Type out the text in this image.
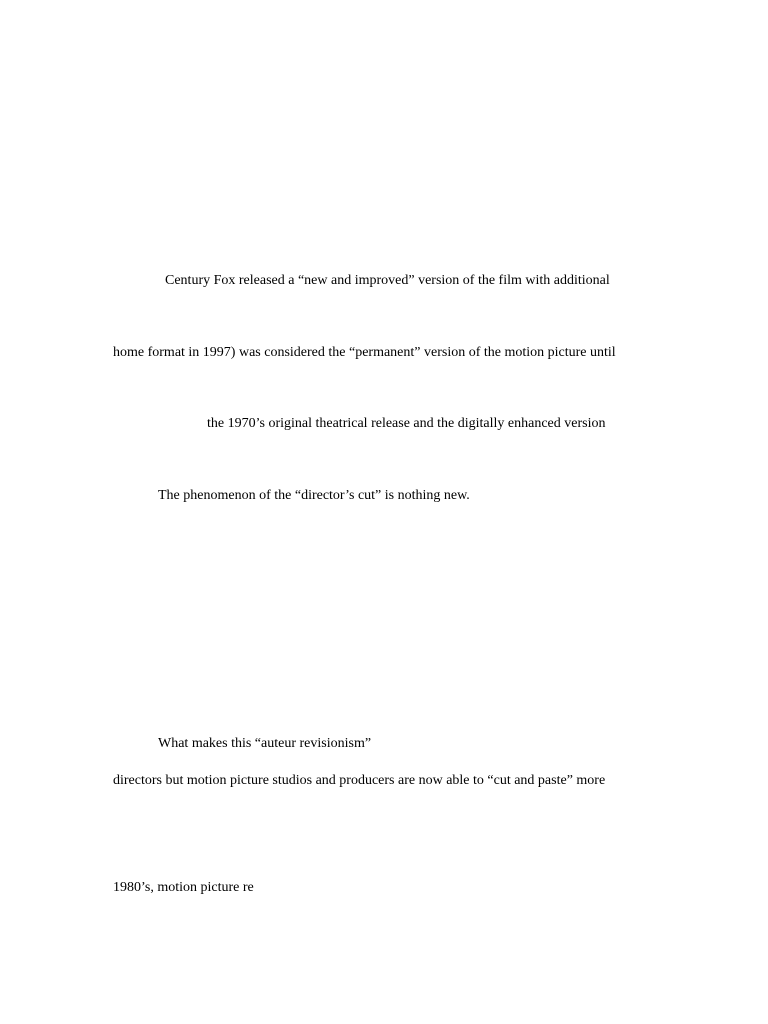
Century Fox released a “new and improved” version of the film with additional
home format in 1997) was considered the “permanent” version of the motion picture until
the 1970’s original theatrical release and the digitally enhanced version
The phenomenon of the “director’s cut” is nothing new.
What makes this “auteur revisionism”
directors but motion picture studios and producers are now able to “cut and paste” more
1980’s, motion picture re
